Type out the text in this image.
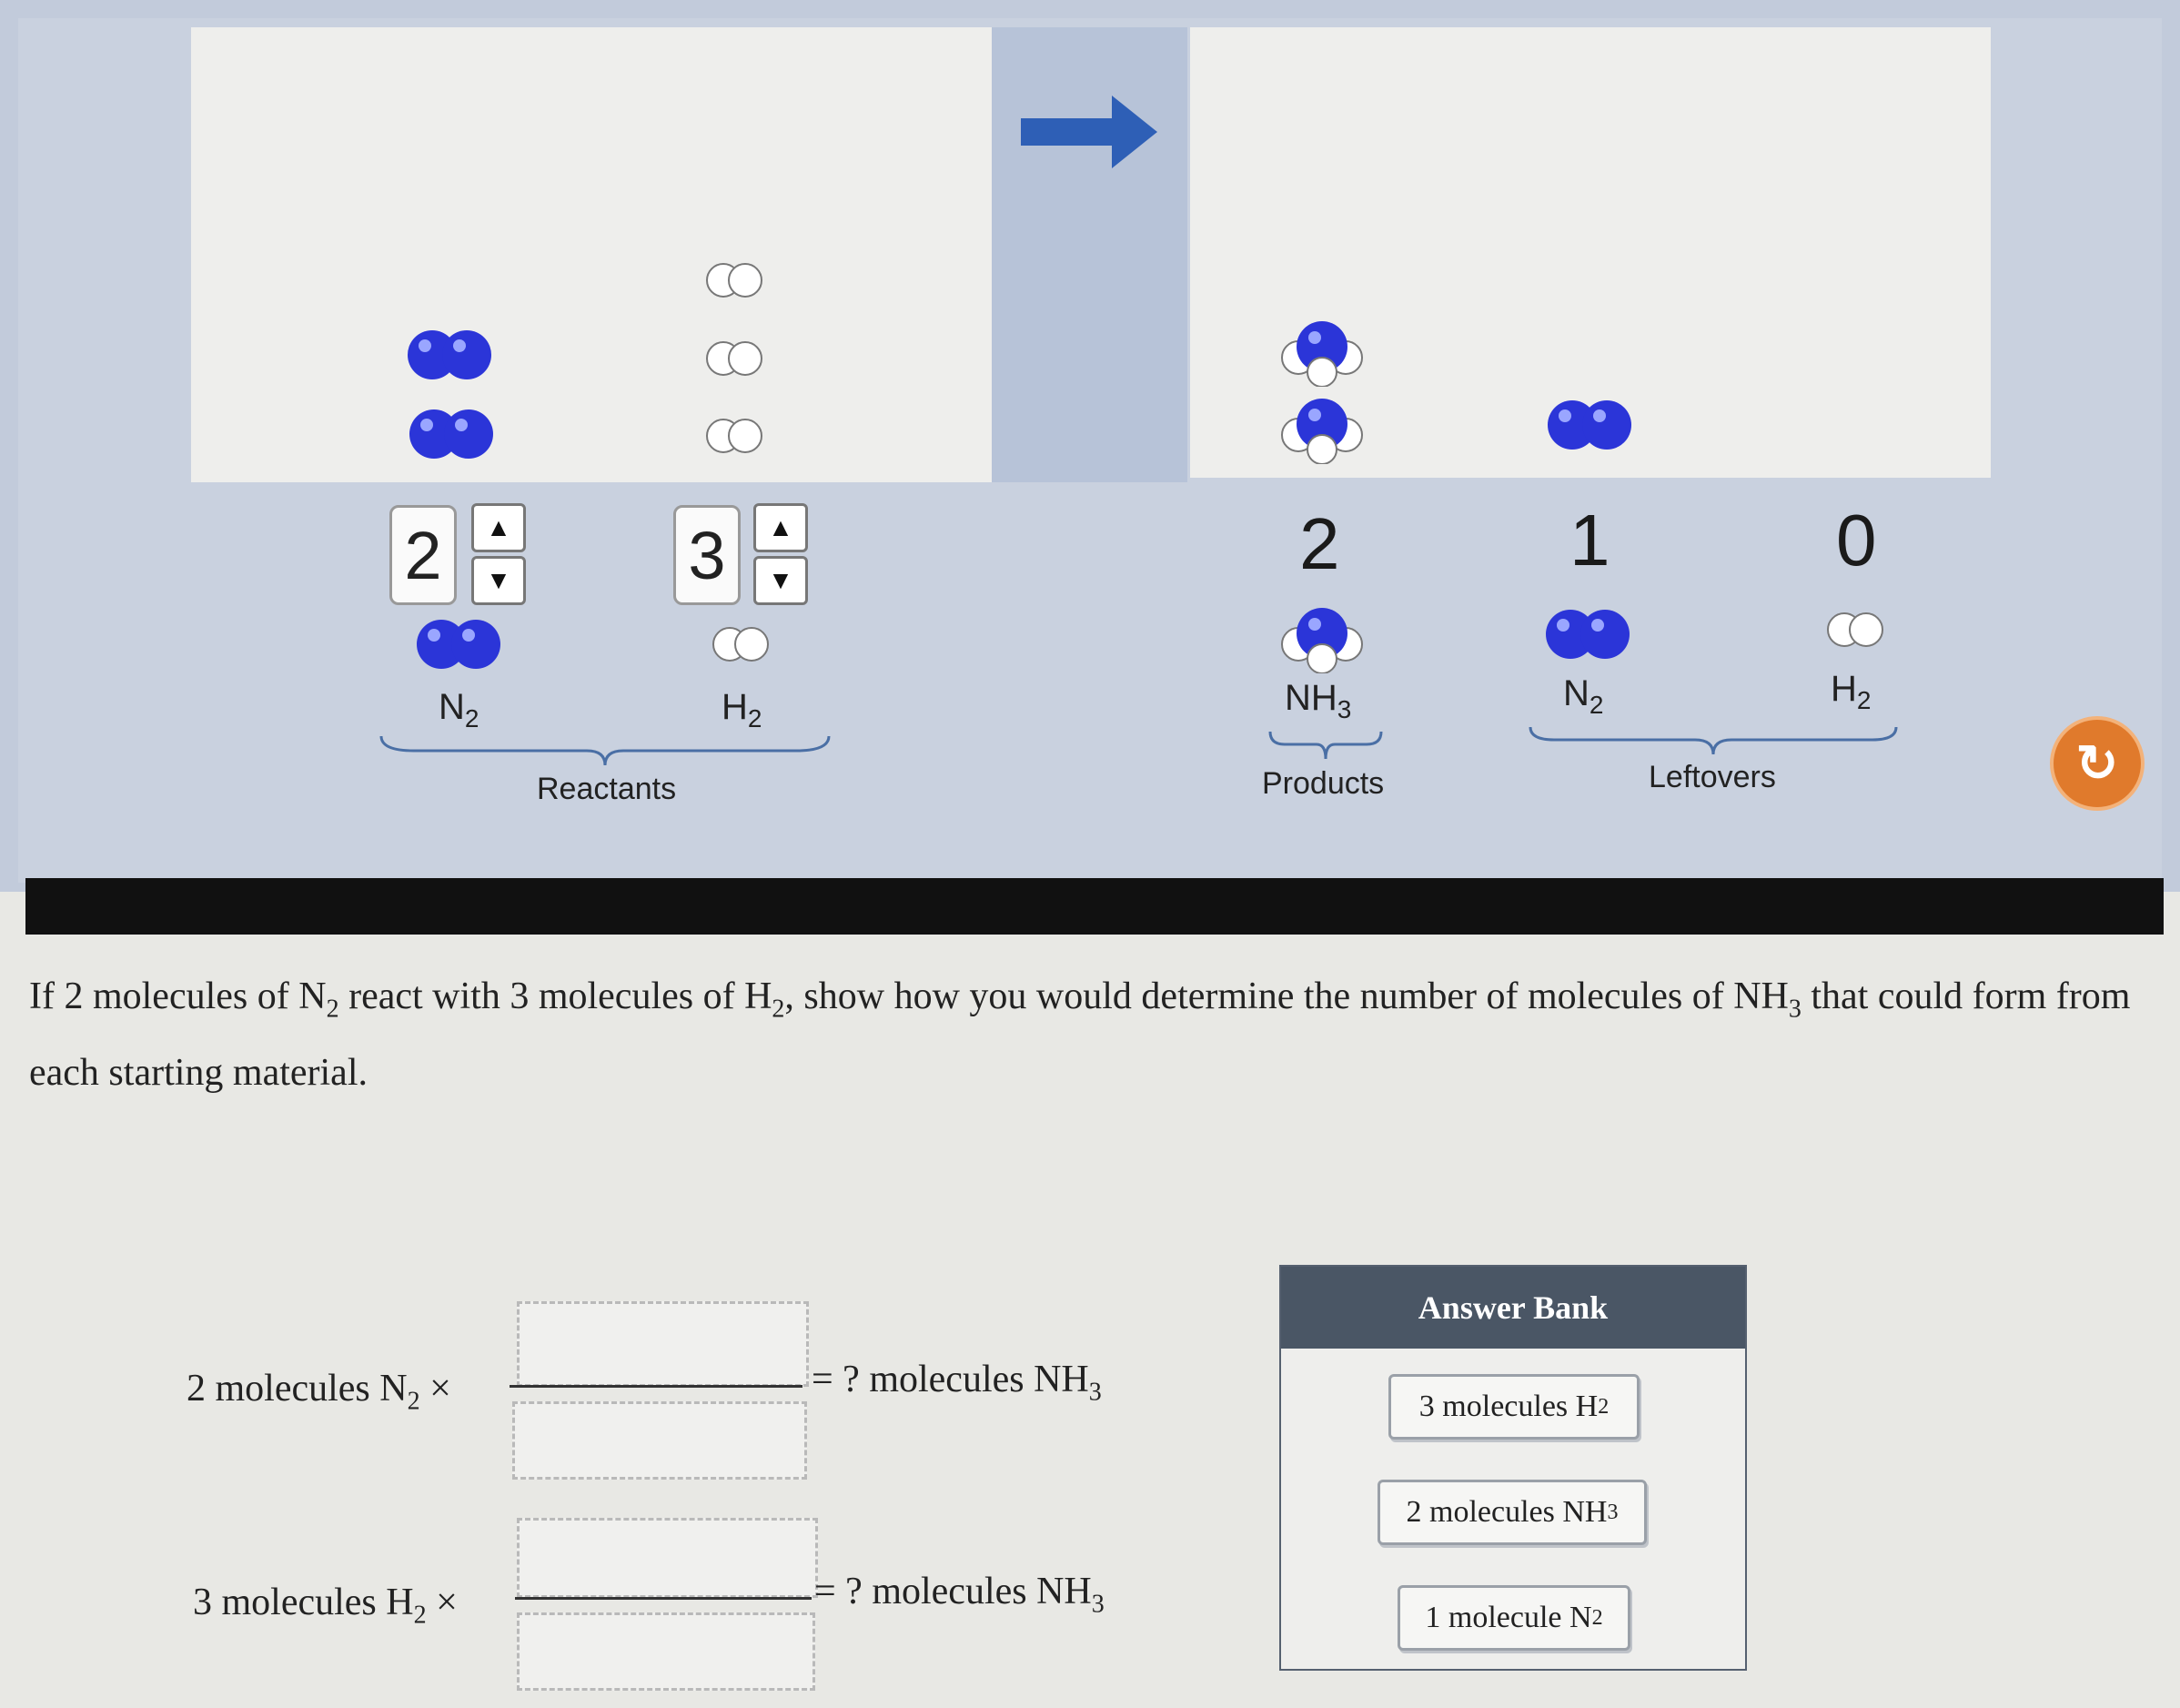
2	▲
▼
$N_2$
3	▲
▼
$H_2$
Reactants
2
$NH_3$
Products
1
$N_2$
0
$H_2$
Leftovers	↻
If 2 molecules of $N_2$ react with 3 molecules of $H_2$, show how you would determine the number of molecules of $NH_3$ that could form from each starting material.
2 molecules $N_2$ ×	= ? molecules $NH_3$
3 molecules $H_2$ ×	= ? molecules $NH_3$
Answer Bank
3 molecules H 2
2 molecules NH 3
1 molecule N 2
